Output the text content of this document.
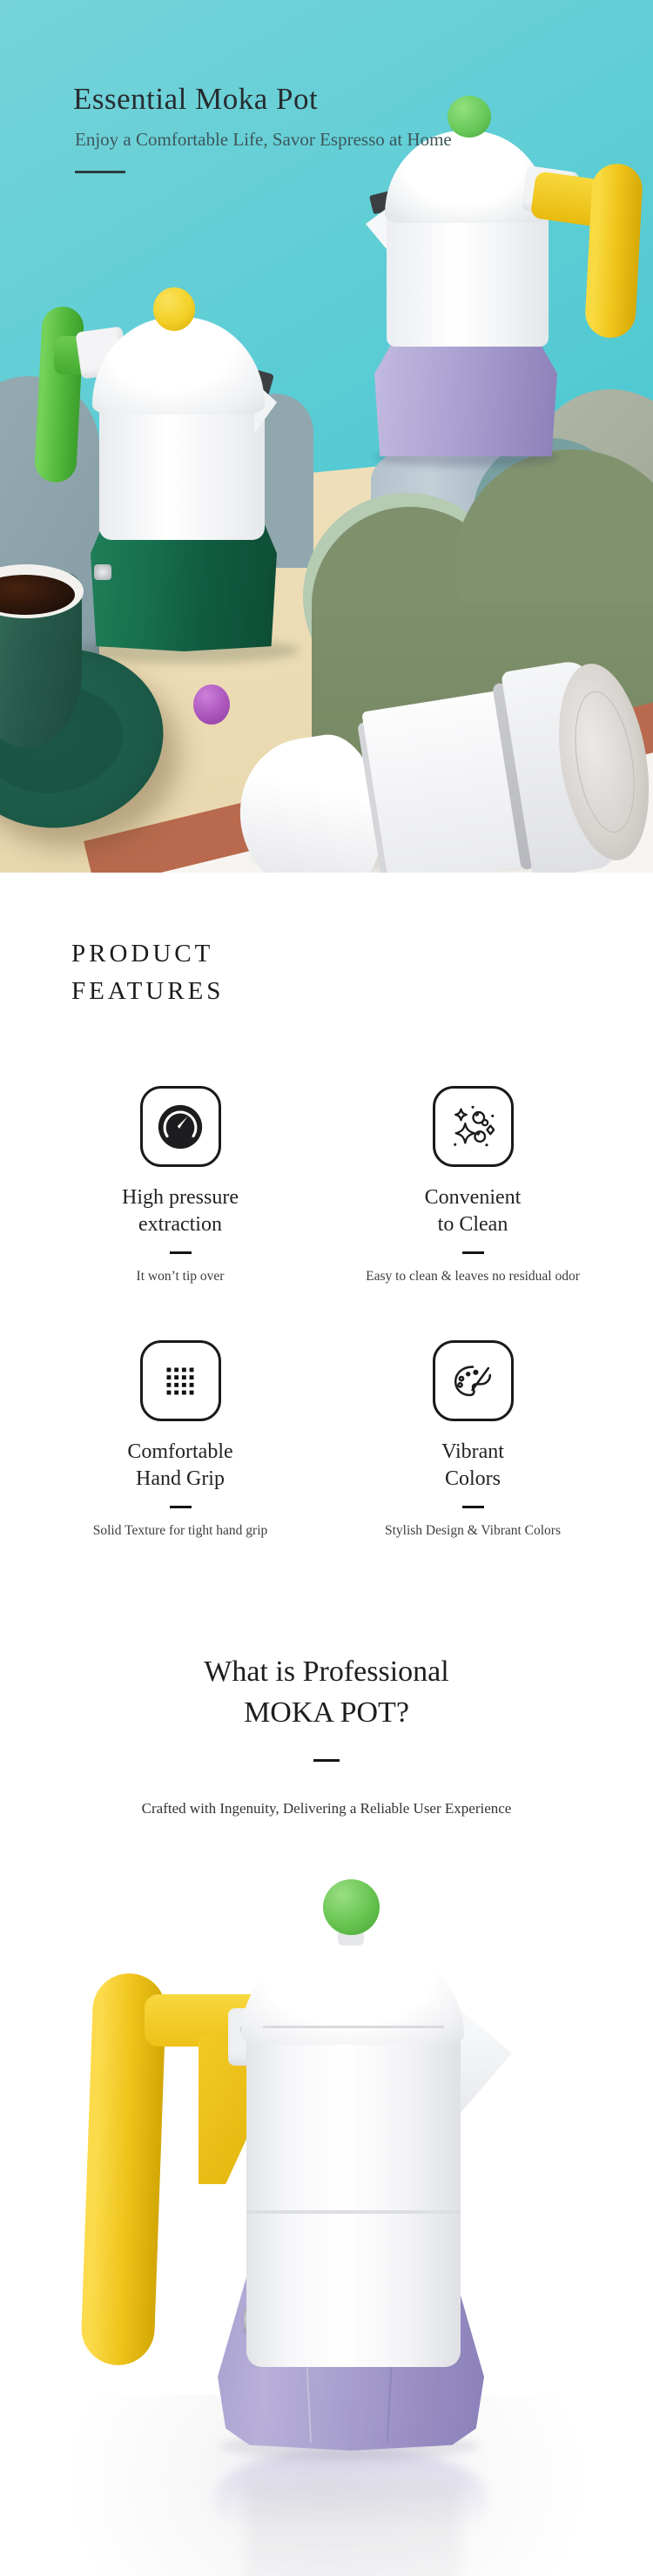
Essential Moka Pot
Enjoy a Comfortable Life, Savor Espresso at Home
PRODUCT
FEATURES
High pressure
extraction
It won’t tip over
Convenient
to Clean
Easy to clean & leaves no residual odor
Comfortable
Hand Grip
Solid Texture for tight hand grip
Vibrant
Colors
Stylish Design & Vibrant Colors
What is Professional
MOKA POT?
Crafted with Ingenuity, Delivering a Reliable User Experience
